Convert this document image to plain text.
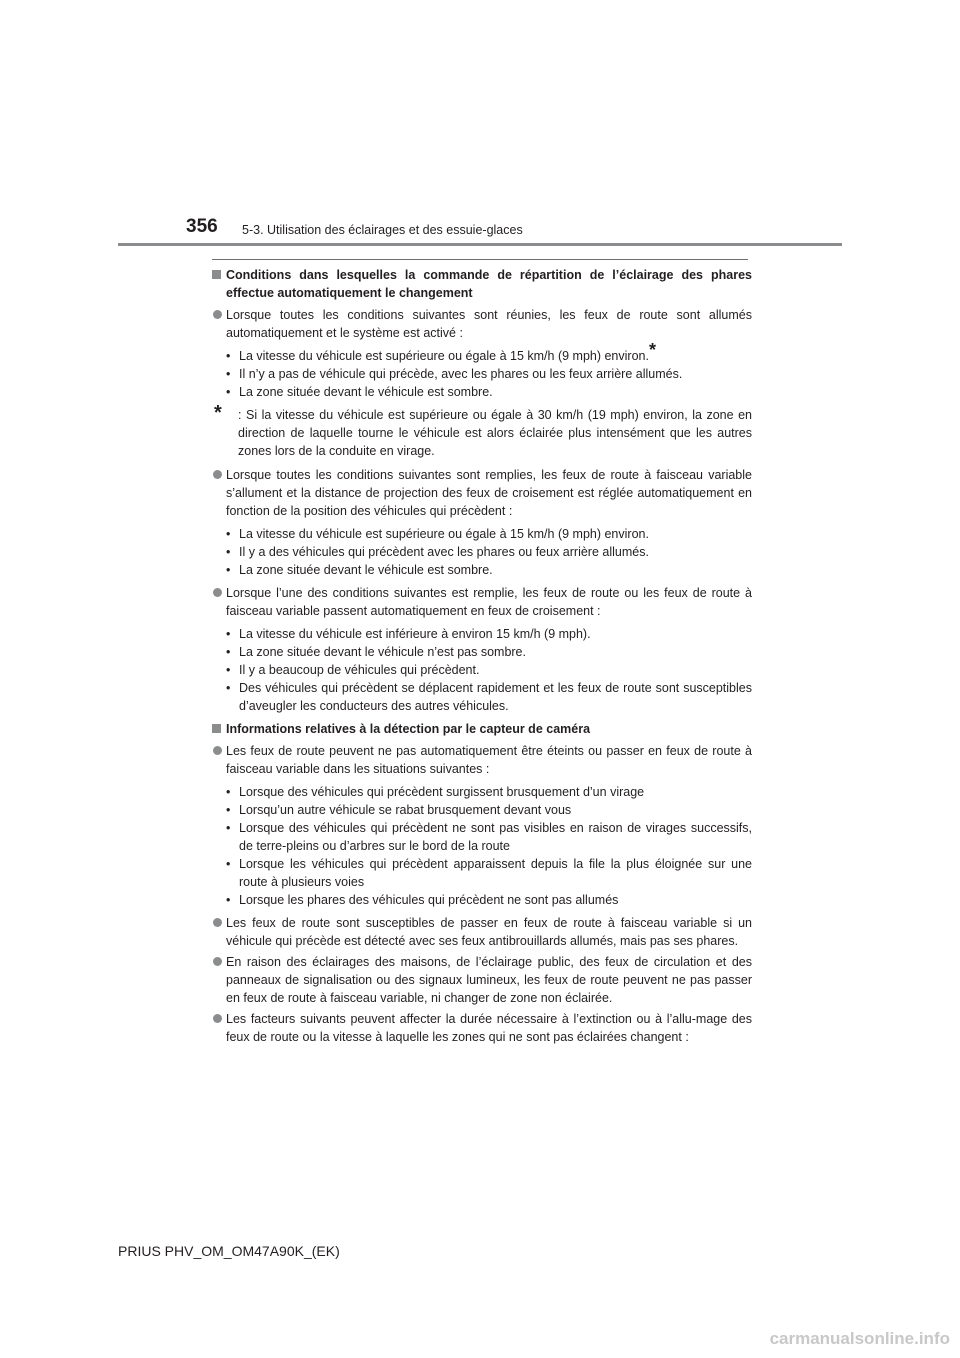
356 5-3. Utilisation des éclairages et des essuie-glaces
Conditions dans lesquelles la commande de répartition de l’éclairage des phares effectue automatiquement le changement
Lorsque toutes les conditions suivantes sont réunies, les feux de route sont allumés automatiquement et le système est activé :
• La vitesse du véhicule est supérieure ou égale à 15 km/h (9 mph) environ.*
• Il n’y a pas de véhicule qui précède, avec les phares ou les feux arrière allumés.
• La zone située devant le véhicule est sombre.
* : Si la vitesse du véhicule est supérieure ou égale à 30 km/h (19 mph) environ, la zone en direction de laquelle tourne le véhicule est alors éclairée plus intensément que les autres zones lors de la conduite en virage.
Lorsque toutes les conditions suivantes sont remplies, les feux de route à faisceau variable s’allument et la distance de projection des feux de croisement est réglée automatiquement en fonction de la position des véhicules qui précèdent :
• La vitesse du véhicule est supérieure ou égale à 15 km/h (9 mph) environ.
• Il y a des véhicules qui précèdent avec les phares ou feux arrière allumés.
• La zone située devant le véhicule est sombre.
Lorsque l’une des conditions suivantes est remplie, les feux de route ou les feux de route à faisceau variable passent automatiquement en feux de croisement :
• La vitesse du véhicule est inférieure à environ 15 km/h (9 mph).
• La zone située devant le véhicule n’est pas sombre.
• Il y a beaucoup de véhicules qui précèdent.
• Des véhicules qui précèdent se déplacent rapidement et les feux de route sont susceptibles d’aveugler les conducteurs des autres véhicules.
Informations relatives à la détection par le capteur de caméra
Les feux de route peuvent ne pas automatiquement être éteints ou passer en feux de route à faisceau variable dans les situations suivantes :
• Lorsque des véhicules qui précèdent surgissent brusquement d’un virage
• Lorsqu’un autre véhicule se rabat brusquement devant vous
• Lorsque des véhicules qui précèdent ne sont pas visibles en raison de virages successifs, de terre-pleins ou d’arbres sur le bord de la route
• Lorsque les véhicules qui précèdent apparaissent depuis la file la plus éloignée sur une route à plusieurs voies
• Lorsque les phares des véhicules qui précèdent ne sont pas allumés
Les feux de route sont susceptibles de passer en feux de route à faisceau variable si un véhicule qui précède est détecté avec ses feux antibrouillards allumés, mais pas ses phares.
En raison des éclairages des maisons, de l’éclairage public, des feux de circulation et des panneaux de signalisation ou des signaux lumineux, les feux de route peuvent ne pas passer en feux de route à faisceau variable, ni changer de zone non éclairée.
Les facteurs suivants peuvent affecter la durée nécessaire à l’extinction ou à l’allu-mage des feux de route ou la vitesse à laquelle les zones qui ne sont pas éclairées changent :
PRIUS PHV_OM_OM47A90K_(EK)
carmanualsonline.info
